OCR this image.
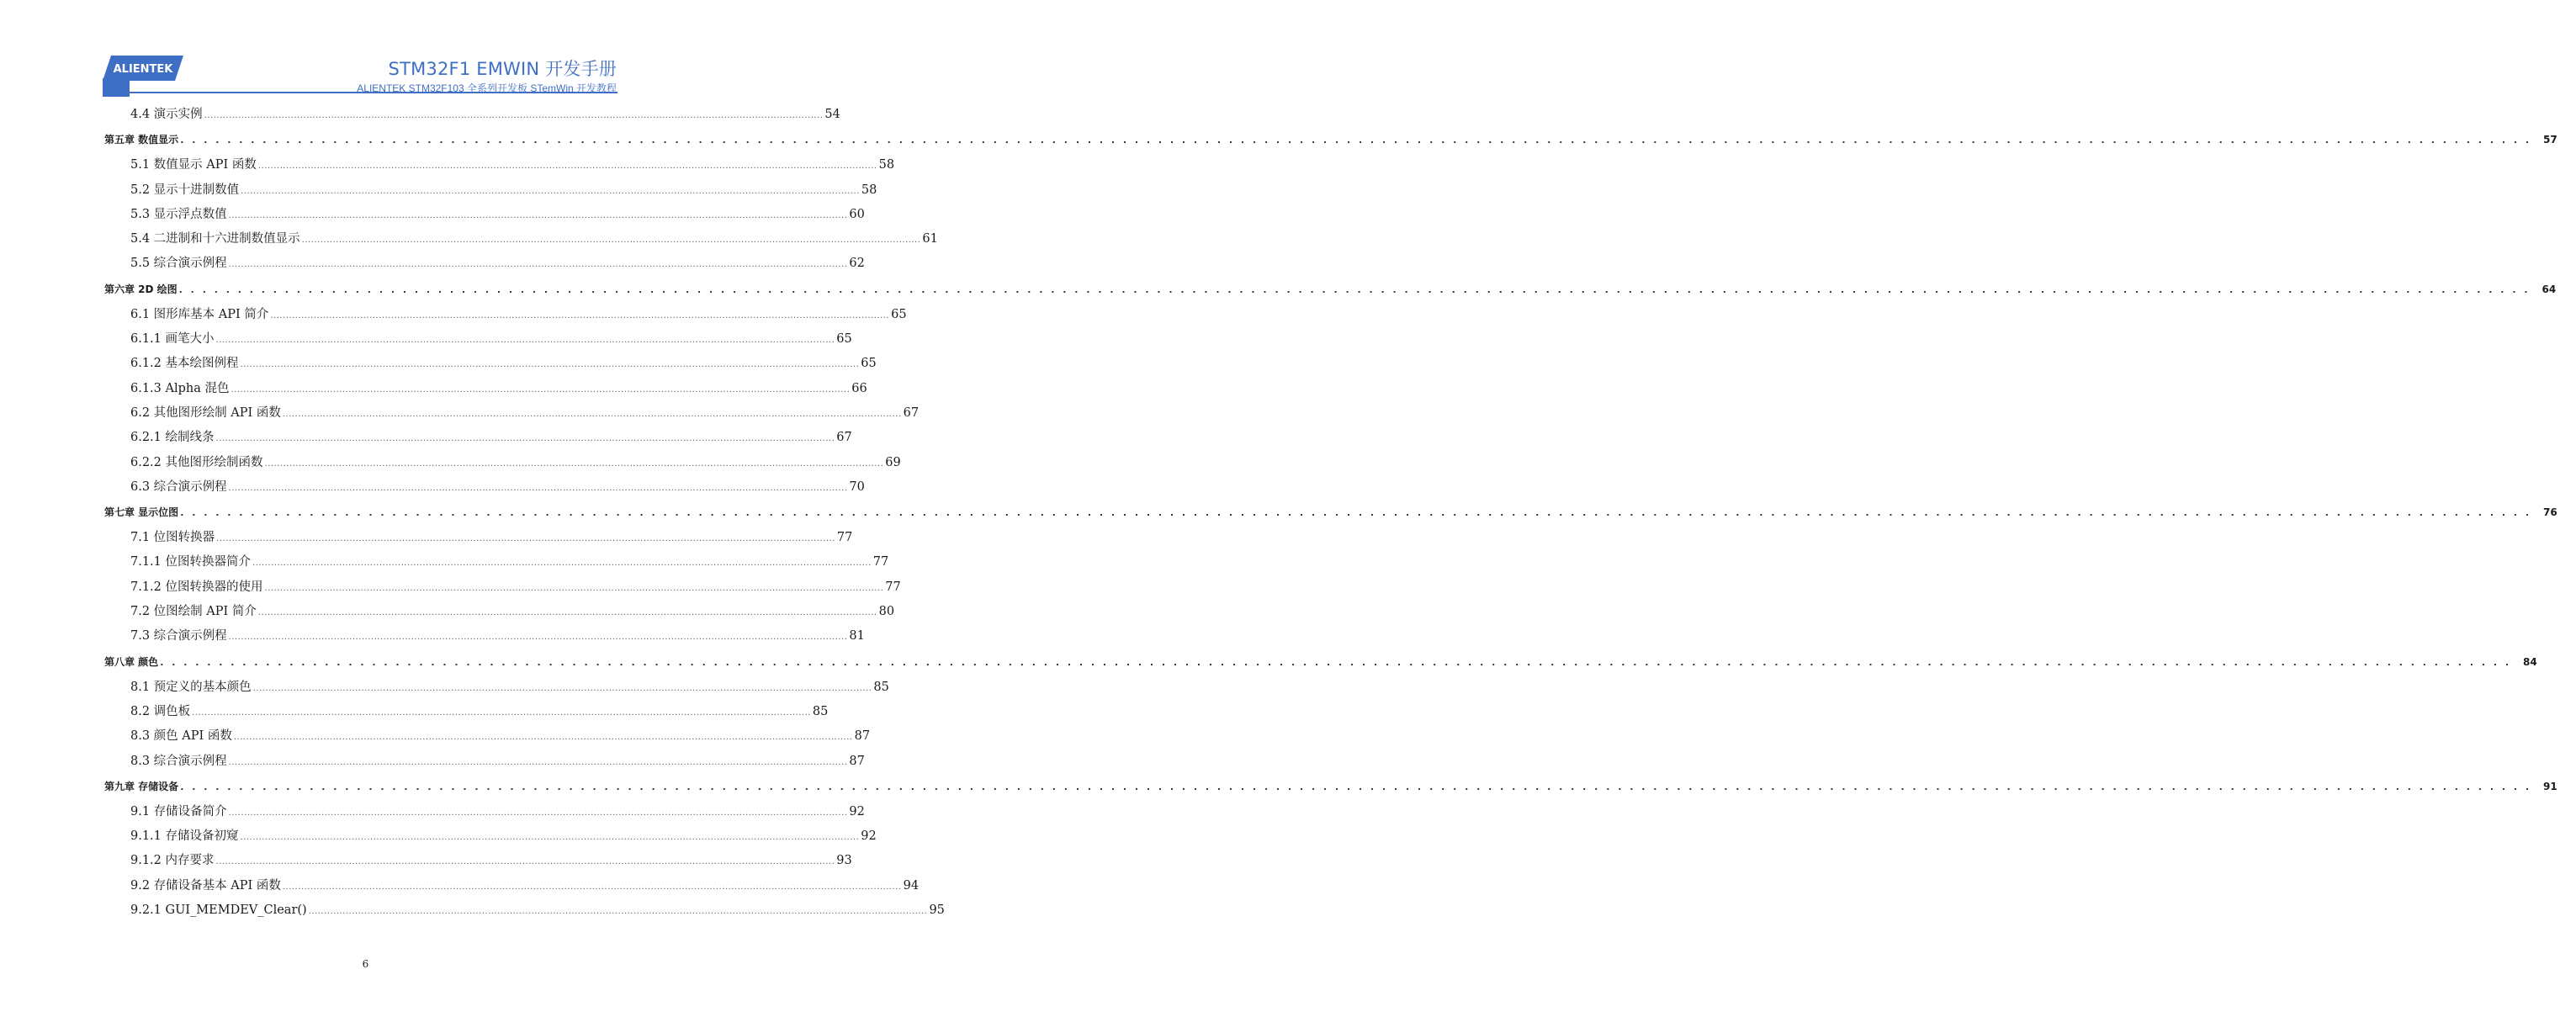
ALIENTEK	STM32F1 EMWIN 开发手册
ALIENTEK STM32F103 全系列开发板 STemWin 开发教程
4.4 演示实例 ........................................................................................................................................................................................................ 54
第五章 数值显示 . . . . . . . . . . . . . . . . . . . . . . . . . . . . . . . . . . . . . . . . . . . . . . . . . . . . . . . . . . . . . . . . . . . . . . . . . . . . . . . . . . . . . . . . . . . . . . . . . . . . . . . . . . . . . . . . . . . . . . . . . . . . . . . . . . . . . . . . . . . . . . . . . . . . . . . . . . . . . . . . . . . . . . . . . . . . . . . . . . . . . . . . . . . . . . . . . . . . . . . . 57
5.1 数值显示 API 函数 ........................................................................................................................................................................................................ 58
5.2 显示十进制数值 ........................................................................................................................................................................................................ 58
5.3 显示浮点数值 ........................................................................................................................................................................................................ 60
5.4 二进制和十六进制数值显示 ........................................................................................................................................................................................................ 61
5.5 综合演示例程 ........................................................................................................................................................................................................ 62
第六章 2D 绘图 . . . . . . . . . . . . . . . . . . . . . . . . . . . . . . . . . . . . . . . . . . . . . . . . . . . . . . . . . . . . . . . . . . . . . . . . . . . . . . . . . . . . . . . . . . . . . . . . . . . . . . . . . . . . . . . . . . . . . . . . . . . . . . . . . . . . . . . . . . . . . . . . . . . . . . . . . . . . . . . . . . . . . . . . . . . . . . . . . . . . . . . . . . . . . . . . . . . . . . . . 64
6.1 图形库基本 API 简介 ........................................................................................................................................................................................................ 65
6.1.1 画笔大小 ........................................................................................................................................................................................................ 65
6.1.2 基本绘图例程 ........................................................................................................................................................................................................ 65
6.1.3 Alpha 混色 ........................................................................................................................................................................................................ 66
6.2 其他图形绘制 API 函数 ........................................................................................................................................................................................................ 67
6.2.1 绘制线条 ........................................................................................................................................................................................................ 67
6.2.2 其他图形绘制函数 ........................................................................................................................................................................................................ 69
6.3 综合演示例程 ........................................................................................................................................................................................................ 70
第七章 显示位图 . . . . . . . . . . . . . . . . . . . . . . . . . . . . . . . . . . . . . . . . . . . . . . . . . . . . . . . . . . . . . . . . . . . . . . . . . . . . . . . . . . . . . . . . . . . . . . . . . . . . . . . . . . . . . . . . . . . . . . . . . . . . . . . . . . . . . . . . . . . . . . . . . . . . . . . . . . . . . . . . . . . . . . . . . . . . . . . . . . . . . . . . . . . . . . . . . . . . . . . . 76
7.1 位图转换器 ........................................................................................................................................................................................................ 77
7.1.1 位图转换器简介 ........................................................................................................................................................................................................ 77
7.1.2 位图转换器的使用 ........................................................................................................................................................................................................ 77
7.2 位图绘制 API 简介 ........................................................................................................................................................................................................ 80
7.3 综合演示例程 ........................................................................................................................................................................................................ 81
第八章 颜色 . . . . . . . . . . . . . . . . . . . . . . . . . . . . . . . . . . . . . . . . . . . . . . . . . . . . . . . . . . . . . . . . . . . . . . . . . . . . . . . . . . . . . . . . . . . . . . . . . . . . . . . . . . . . . . . . . . . . . . . . . . . . . . . . . . . . . . . . . . . . . . . . . . . . . . . . . . . . . . . . . . . . . . . . . . . . . . . . . . . . . . . . . . . . . . . . . . . . . . . . 84
8.1 预定义的基本颜色 ........................................................................................................................................................................................................ 85
8.2 调色板 ........................................................................................................................................................................................................ 85
8.3 颜色 API 函数 ........................................................................................................................................................................................................ 87
8.3 综合演示例程 ........................................................................................................................................................................................................ 87
第九章 存储设备 . . . . . . . . . . . . . . . . . . . . . . . . . . . . . . . . . . . . . . . . . . . . . . . . . . . . . . . . . . . . . . . . . . . . . . . . . . . . . . . . . . . . . . . . . . . . . . . . . . . . . . . . . . . . . . . . . . . . . . . . . . . . . . . . . . . . . . . . . . . . . . . . . . . . . . . . . . . . . . . . . . . . . . . . . . . . . . . . . . . . . . . . . . . . . . . . . . . . . . . . 91
9.1 存储设备简介 ........................................................................................................................................................................................................ 92
9.1.1 存储设备初窥 ........................................................................................................................................................................................................ 92
9.1.2 内存要求 ........................................................................................................................................................................................................ 93
9.2 存储设备基本 API 函数 ........................................................................................................................................................................................................ 94
9.2.1 GUI_MEMDEV_Clear() ........................................................................................................................................................................................................ 95
6
